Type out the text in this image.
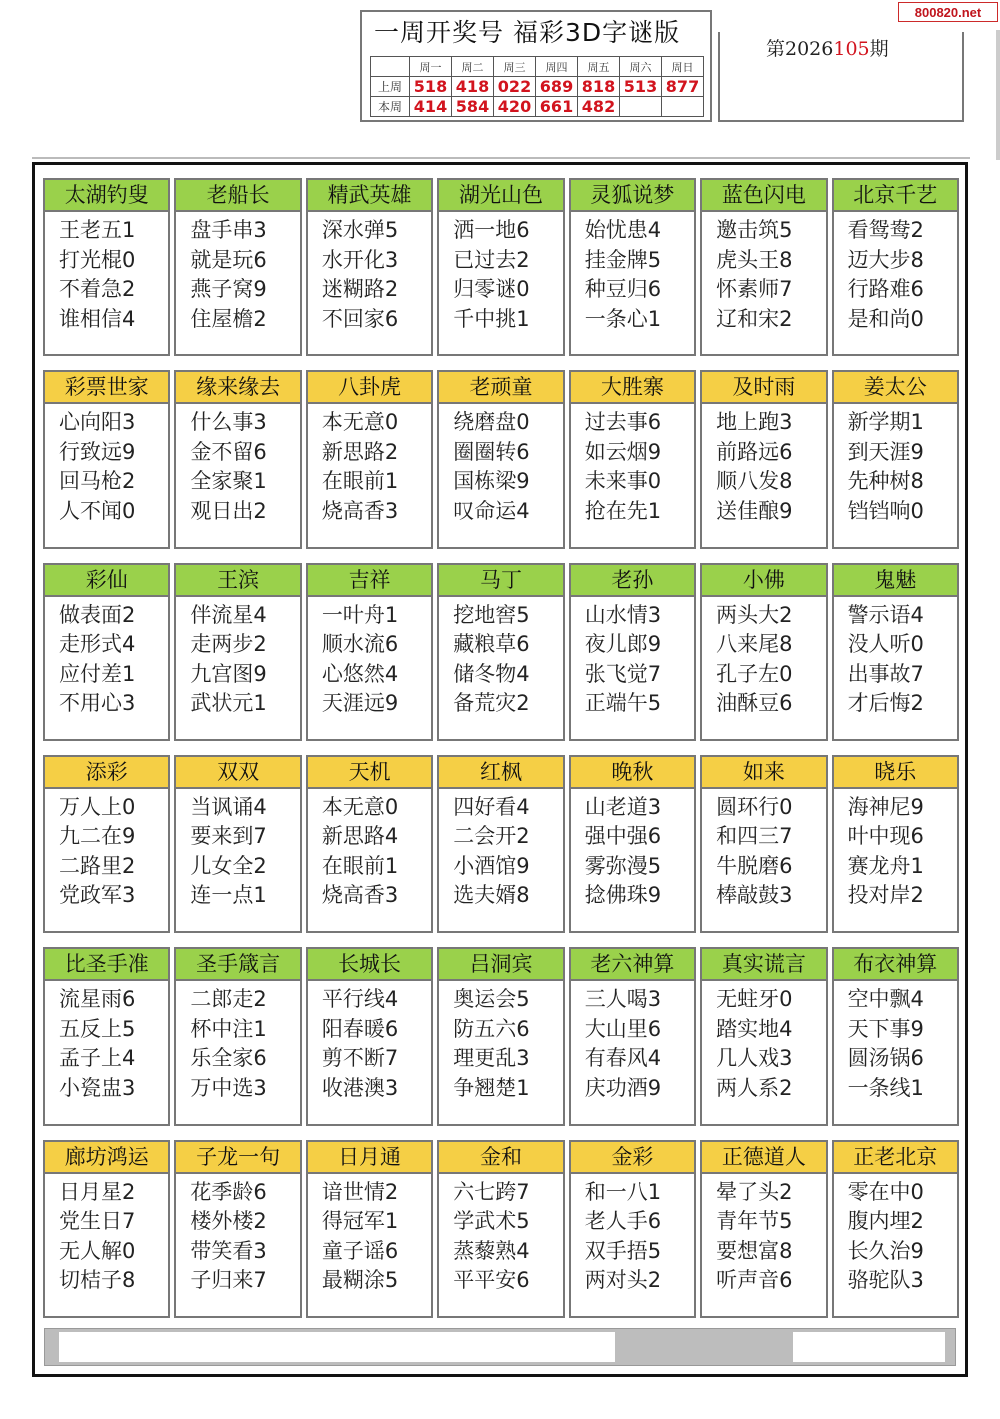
800820.net
一周开奖号 福彩3D字谜版
	周一	周二	周三	周四	周五	周六	周日
上周	518	418	022	689	818	513	877
本周	414	584	420	661	482		
第2026105期
太湖钓叟
王老五1
打光棍0
不着急2
谁相信4
老船长
盘手串3
就是玩6
燕子窝9
住屋檐2
精武英雄
深水弹5
水开化3
迷糊路2
不回家6
湖光山色
洒一地6
已过去2
归零谜0
千中挑1
灵狐说梦
始忧患4
挂金牌5
种豆归6
一条心1
蓝色闪电
邀击筑5
虎头王8
怀素师7
辽和宋2
北京千艺
看鸳鸯2
迈大步8
行路难6
是和尚0
彩票世家
心向阳3
行致远9
回马枪2
人不闻0
缘来缘去
什么事3
金不留6
全家聚1
观日出2
八卦虎
本无意0
新思路2
在眼前1
烧高香3
老顽童
绕磨盘0
圈圈转6
国栋梁9
叹命运4
大胜寨
过去事6
如云烟9
未来事0
抢在先1
及时雨
地上跑3
前路远6
顺八发8
送佳酿9
姜太公
新学期1
到天涯9
先种树8
铛铛响0
彩仙
做表面2
走形式4
应付差1
不用心3
王滨
伴流星4
走两步2
九宫图9
武状元1
吉祥
一叶舟1
顺水流6
心悠然4
天涯远9
马丁
挖地窖5
藏粮草6
储冬物4
备荒灾2
老孙
山水情3
夜儿郎9
张飞觉7
正端午5
小佛
两头大2
八来尾8
孔子左0
油酥豆6
鬼魅
警示语4
没人听0
出事故7
才后悔2
添彩
万人上0
九二在9
二路里2
党政军3
双双
当讽诵4
要来到7
儿女全2
连一点1
天机
本无意0
新思路4
在眼前1
烧高香3
红枫
四好看4
二会开2
小酒馆9
选夫婿8
晚秋
山老道3
强中强6
雾弥漫5
捻佛珠9
如来
圆环行0
和四三7
牛脱磨6
棒敲鼓3
晓乐
海神尼9
叶中现6
赛龙舟1
投对岸2
比圣手准
流星雨6
五反上5
孟子上4
小瓷盅3
圣手箴言
二郎走2
杯中注1
乐全家6
万中选3
长城长
平行线4
阳春暖6
剪不断7
收港澳3
吕洞宾
奥运会5
防五六6
理更乱3
争翘楚1
老六神算
三人喝3
大山里6
有春风4
庆功酒9
真实谎言
无蛀牙0
踏实地4
几人戏3
两人系2
布衣神算
空中飘4
天下事9
圆汤锅6
一条线1
廊坊鸿运
日月星2
党生日7
无人解0
切桔子8
子龙一句
花季龄6
楼外楼2
带笑看3
子归来7
日月通
谙世情2
得冠军1
童子谣6
最糊涂5
金和
六七跨7
学武术5
蒸藜熟4
平平安6
金彩
和一八1
老人手6
双手捂5
两对头2
正德道人
晕了头2
青年节5
要想富8
听声音6
正老北京
零在中0
腹内埋2
长久治9
骆驼队3
